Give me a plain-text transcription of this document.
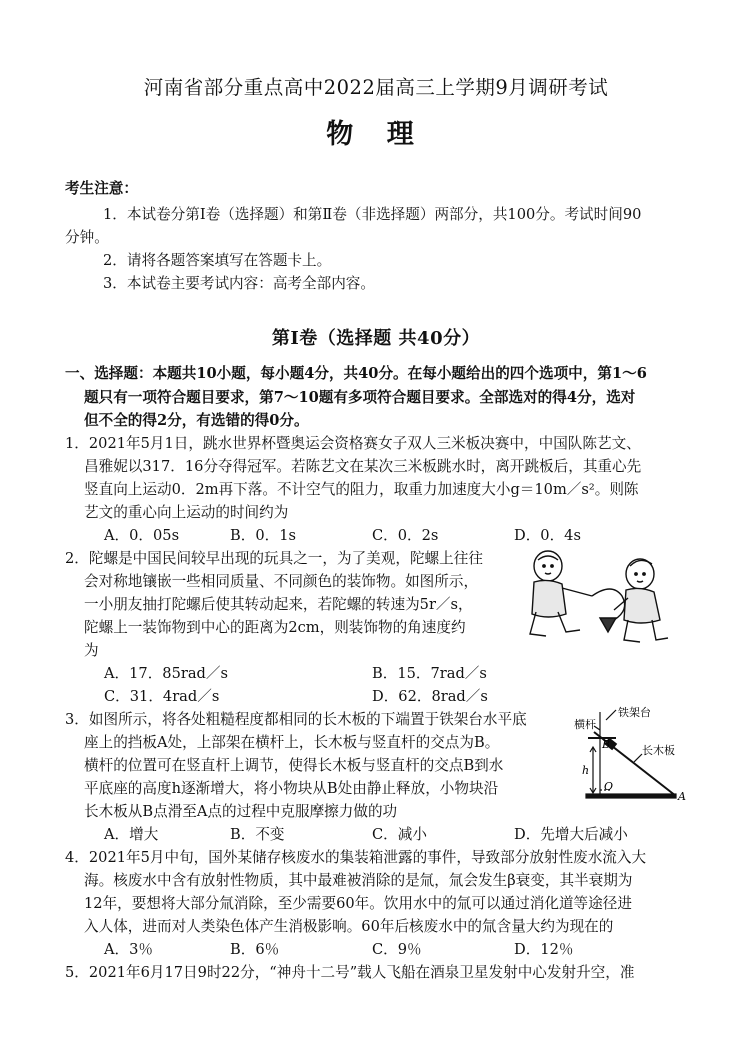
河南省部分重点高中2022届高三上学期9月调研考试
物 理
考生注意：
1．本试卷分第Ⅰ卷（选择题）和第Ⅱ卷（非选择题）两部分，共100分。考试时间90
分钟。
2．请将各题答案填写在答题卡上。
3．本试卷主要考试内容：高考全部内容。
第Ⅰ卷（选择题 共40分）
一、选择题：本题共10小题，每小题4分，共40分。在每小题给出的四个选项中，第1～6
题只有一项符合题目要求，第7～10题有多项符合题目要求。全部选对的得4分，选对
但不全的得2分，有选错的得0分。
1．2021年5月1日，跳水世界杯暨奥运会资格赛女子双人三米板决赛中，中国队陈艺文、
昌雅妮以317．16分夺得冠军。若陈艺文在某次三米板跳水时，离开跳板后，其重心先
竖直向上运动0．2m再下落。不计空气的阻力，取重力加速度大小g＝10m／s²。则陈
艺文的重心向上运动的时间约为
A．0．05s	B．0．1s	C．0．2s	D．0．4s
2．陀螺是中国民间较早出现的玩具之一，为了美观，陀螺上往往
会对称地镶嵌一些相同质量、不同颜色的装饰物。如图所示，
一小朋友抽打陀螺后使其转动起来，若陀螺的转速为5r／s，
陀螺上一装饰物到中心的距离为2cm，则装饰物的角速度约
为
A．17．85rad／s	B．15．7rad／s
C．31．4rad／s	D．62．8rad／s
3．如图所示，将各处粗糙程度都相同的长木板的下端置于铁架台水平底
座上的挡板A处，上部架在横杆上，长木板与竖直杆的交点为B。
横杆的位置可在竖直杆上调节，使得长木板与竖直杆的交点B到水
平底座的高度h逐渐增大，将小物块从B处由静止释放，小物块沿
长木板从B点滑至A点的过程中克服摩擦力做的功
A．增大	B．不变	C．减小	D．先增大后减小
铁架台
横杆
长木板
B
h
O
A
4．2021年5月中旬，国外某储存核废水的集装箱泄露的事件，导致部分放射性废水流入大
海。核废水中含有放射性物质，其中最难被消除的是氚，氚会发生β衰变，其半衰期为
12年，要想将大部分氚消除，至少需要60年。饮用水中的氚可以通过消化道等途径进
入人体，进而对人类染色体产生消极影响。60年后核废水中的氚含量大约为现在的
A．3％	B．6％	C．9％	D．12％
5．2021年6月17日9时22分，“神舟十二号”载人飞船在酒泉卫星发射中心发射升空，准
